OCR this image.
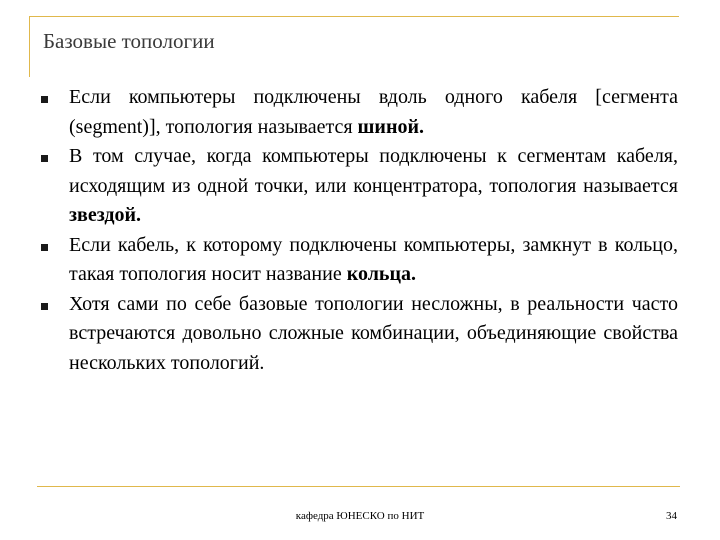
Базовые топологии
Если компьютеры подключены вдоль одного кабеля [сегмента (segment)], топология называется шиной.
В том случае, когда компьютеры подключены к сегментам кабеля, исходящим из одной точки, или концентратора, топология называется звездой.
Если кабель, к которому подключены компьютеры, замкнут в кольцо, такая топология носит название кольца.
Хотя сами по себе базовые топологии несложны, в реальности часто встречаются довольно сложные комбинации, объединяющие свойства нескольких топологий.
кафедра ЮНЕСКО по НИТ	34
